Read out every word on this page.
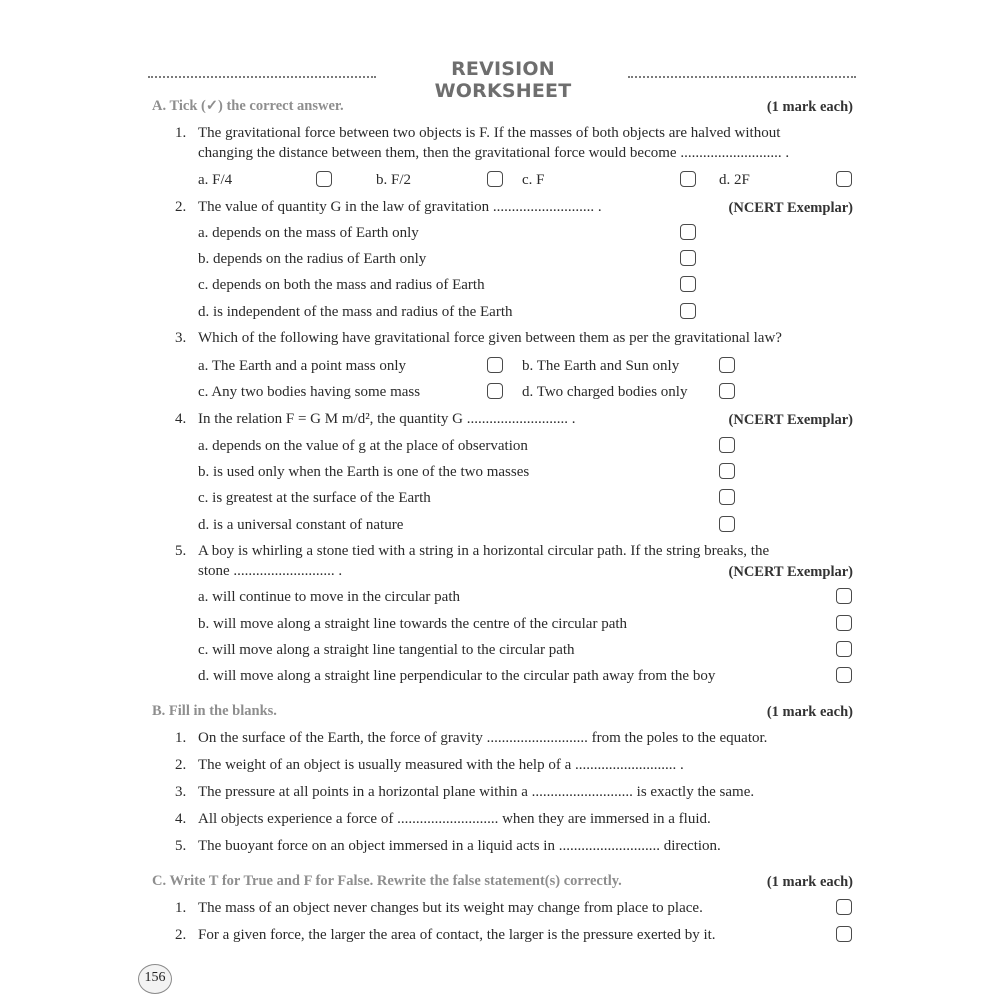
REVISION WORKSHEET
A. Tick (✓) the correct answer.	(1 mark each)
1. The gravitational force between two objects is F. If the masses of both objects are halved without
changing the distance between them, then the gravitational force would become ........................... .
a. F/4	b. F/2	c. F	d. 2F
2. The value of quantity G in the law of gravitation ........................... .	(NCERT Exemplar)
a. depends on the mass of Earth only
b. depends on the radius of Earth only
c. depends on both the mass and radius of Earth
d. is independent of the mass and radius of the Earth
3. Which of the following have gravitational force given between them as per the gravitational law?
a. The Earth and a point mass only	b. The Earth and Sun only
c. Any two bodies having some mass	d. Two charged bodies only
4. In the relation F = G M m/d², the quantity G ........................... .	(NCERT Exemplar)
a. depends on the value of g at the place of observation
b. is used only when the Earth is one of the two masses
c. is greatest at the surface of the Earth
d. is a universal constant of nature
5. A boy is whirling a stone tied with a string in a horizontal circular path. If the string breaks, the
stone ........................... .	(NCERT Exemplar)
a. will continue to move in the circular path
b. will move along a straight line towards the centre of the circular path
c. will move along a straight line tangential to the circular path
d. will move along a straight line perpendicular to the circular path away from the boy
B. Fill in the blanks.	(1 mark each)
1. On the surface of the Earth, the force of gravity ........................... from the poles to the equator.
2. The weight of an object is usually measured with the help of a ........................... .
3. The pressure at all points in a horizontal plane within a ........................... is exactly the same.
4. All objects experience a force of ........................... when they are immersed in a fluid.
5. The buoyant force on an object immersed in a liquid acts in ........................... direction.
C. Write T for True and F for False. Rewrite the false statement(s) correctly.	(1 mark each)
1. The mass of an object never changes but its weight may change from place to place.
2. For a given force, the larger the area of contact, the larger is the pressure exerted by it.
156
